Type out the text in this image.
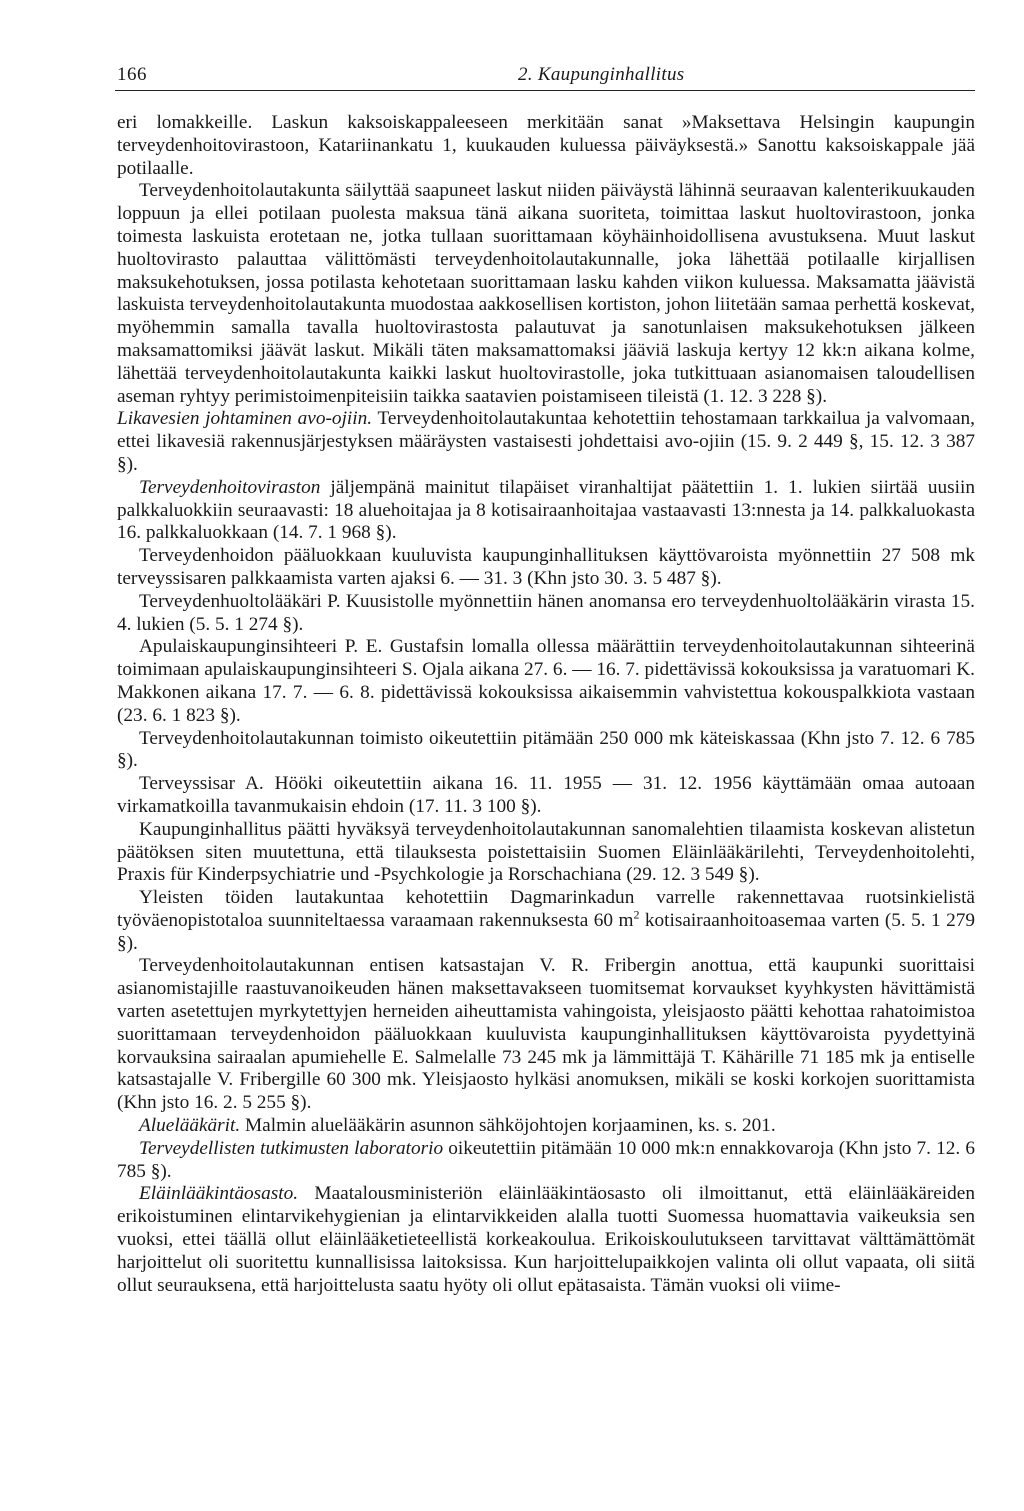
166	2. Kaupunginhallitus

eri lomakkeille. Laskun kaksoiskappaleeseen merkitään sanat »Maksettava Helsingin kaupungin terveydenhoitovirastoon, Katariinankatu 1, kuukauden kuluessa päiväyksestä.» Sanottu kaksoiskappale jää potilaalle.

Terveydenhoitolautakunta säilyttää saapuneet laskut niiden päiväystä lähinnä seuraavan kalenterikuukauden loppuun ja ellei potilaan puolesta maksua tänä aikana suoriteta, toimittaa laskut huoltovirastoon, jonka toimesta laskuista erotetaan ne, jotka tullaan suorittamaan köyhäinhoidollisena avustuksena. Muut laskut huoltovirasto palauttaa välittömästi terveydenhoitolautakunnalle, joka lähettää potilaalle kirjallisen maksukehotuksen, jossa potilasta kehotetaan suorittamaan lasku kahden viikon kuluessa. Maksamatta jäävistä laskuista terveydenhoitolautakunta muodostaa aakkosellisen kortiston, johon liitetään samaa perhettä koskevat, myöhemmin samalla tavalla huoltovirastosta palautuvat ja sanotunlaisen maksukehotuksen jälkeen maksamattomiksi jäävät laskut. Mikäli täten maksamattomaksi jääviä laskuja kertyy 12 kk:n aikana kolme, lähettää terveydenhoitolautakunta kaikki laskut huoltovirastolle, joka tutkittuaan asianomaisen taloudellisen aseman ryhtyy perimistoimenpiteisiin taikka saatavien poistamiseen tileistä (1. 12. 3 228 §).

Likavesien johtaminen avo-ojiin. Terveydenhoitolautakuntaa kehotettiin tehostamaan tarkkailua ja valvomaan, ettei likavesiä rakennusjärjestyksen määräysten vastaisesti johdettaisi avo-ojiin (15. 9. 2 449 §, 15. 12. 3 387 §).

Terveydenhoitoviraston jäljempänä mainitut tilapäiset viranhaltijat päätettiin 1. 1. lukien siirtää uusiin palkkaluokkiin seuraavasti: 18 aluehoitajaa ja 8 kotisairaanhoitajaa vastaavasti 13:nnesta ja 14. palkkaluokasta 16. palkkaluokkaan (14. 7. 1 968 §).

Terveydenhoidon pääluokkaan kuuluvista kaupunginhallituksen käyttövaroista myönnettiin 27 508 mk terveyssisaren palkkaamista varten ajaksi 6. — 31. 3 (Khn jsto 30. 3. 5 487 §).

Terveydenhuoltolääkäri P. Kuusistolle myönnettiin hänen anomansa ero terveydenhuoltolääkärin virasta 15. 4. lukien (5. 5. 1 274 §).

Apulaiskaupunginsihteeri P. E. Gustafsin lomalla ollessa määrättiin terveydenhoitolautakunnan sihteerinä toimimaan apulaiskaupunginsihteeri S. Ojala aikana 27. 6. — 16. 7. pidettävissä kokouksissa ja varatuomari K. Makkonen aikana 17. 7. — 6. 8. pidettävissä kokouksissa aikaisemmin vahvistettua kokouspalkkiota vastaan (23. 6. 1 823 §).

Terveydenhoitolautakunnan toimisto oikeutettiin pitämään 250 000 mk käteiskassaa (Khn jsto 7. 12. 6 785 §).

Terveyssisar A. Hööki oikeutettiin aikana 16. 11. 1955 — 31. 12. 1956 käyttämään omaa autoaan virkamatkoilla tavanmukaisin ehdoin (17. 11. 3 100 §).

Kaupunginhallitus päätti hyväksyä terveydenhoitolautakunnan sanomalehtien tilaamista koskevan alistetun päätöksen siten muutettuna, että tilauksesta poistettaisiin Suomen Eläinlääkärilehti, Terveydenhoitolehti, Praxis für Kinderpsychiatrie und -Psychkologie ja Rorschachiana (29. 12. 3 549 §).

Yleisten töiden lautakuntaa kehotettiin Dagmarinkadun varrelle rakennettavaa ruotsinkielistä työväenopistotaloa suunniteltaessa varaamaan rakennuksesta 60 $m^2$ kotisairaanhoitoasemaa varten (5. 5. 1 279 §).

Terveydenhoitolautakunnan entisen katsastajan V. R. Fribergin anottua, että kaupunki suorittaisi asianomistajille raastuvanoikeuden hänen maksettavakseen tuomitsemat korvaukset kyyhkysten hävittämistä varten asetettujen myrkytettyjen herneiden aiheuttamista vahingoista, yleisjaosto päätti kehottaa rahatoimistoa suorittamaan terveydenhoidon pääluokkaan kuuluvista kaupunginhallituksen käyttövaroista pyydettyinä korvauksina sairaalan apumiehelle E. Salmelalle 73 245 mk ja lämmittäjä T. Kähärille 71 185 mk ja entiselle katsastajalle V. Fribergille 60 300 mk. Yleisjaosto hylkäsi anomuksen, mikäli se koski korkojen suorittamista (Khn jsto 16. 2. 5 255 §).

Aluelääkärit. Malmin aluelääkärin asunnon sähköjohtojen korjaaminen, ks. s. 201.

Terveydellisten tutkimusten laboratorio oikeutettiin pitämään 10 000 mk:n ennakkovaroja (Khn jsto 7. 12. 6 785 §).

Eläinlääkintäosasto. Maatalousministeriön eläinlääkintäosasto oli ilmoittanut, että eläinlääkäreiden erikoistuminen elintarvikehygienian ja elintarvikkeiden alalla tuotti Suomessa huomattavia vaikeuksia sen vuoksi, ettei täällä ollut eläinlääketieteellistä korkeakoulua. Erikoiskoulutukseen tarvittavat välttämättömät harjoittelut oli suoritettu kunnallisissa laitoksissa. Kun harjoittelupaikkojen valinta oli ollut vapaata, oli siitä ollut seurauksena, että harjoittelusta saatu hyöty oli ollut epätasaista. Tämän vuoksi oli viime-
